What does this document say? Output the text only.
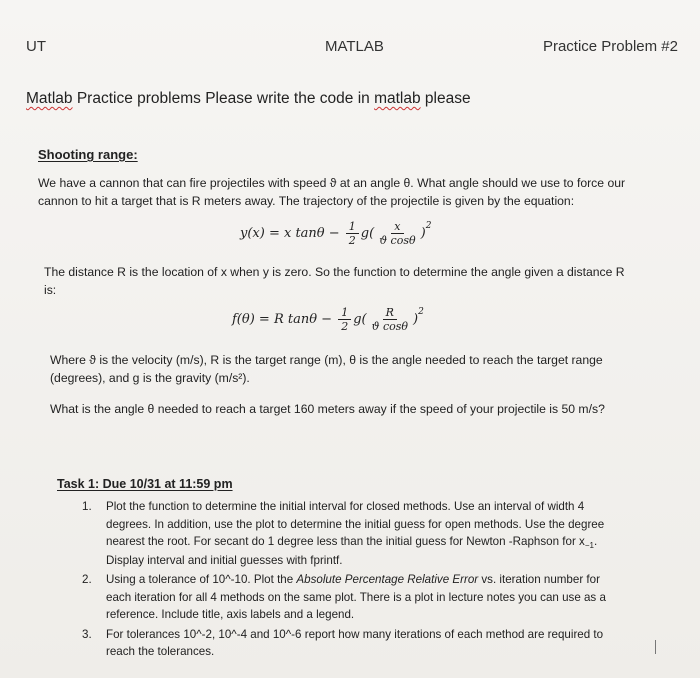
UT	MATLAB	Practice Problem #2
Matlab Practice problems Please write the code in matlab please
Shooting range:
We have a cannon that can fire projectiles with speed ϑ at an angle θ. What angle should we use to force our cannon to hit a target that is R meters away. The trajectory of the projectile is given by the equation:
y(x) = x $\tan\theta - \frac{1}{2} g( \frac{x}{\text{ϑ cosθ}}$ )
2
The distance R is the location of x when y is zero. So the function to determine the angle given a distance R is:
f(θ) = R $\tan\theta - \frac{1}{2} g( \frac{R}{\text{ϑ cosθ}}$ )
2
Where ϑ is the velocity (m/s), R is the target range (m), θ is the angle needed to reach the target range (degrees), and g is the gravity (m/s²).
What is the angle θ needed to reach a target 160 meters away if the speed of your projectile is 50 m/s?
Task 1: Due 10/31 at 11:59 pm
1.	Plot the function to determine the initial interval for closed methods. Use an interval of width 4 degrees. In addition, use the plot to determine the initial guess for open methods. Use the degree nearest the root. For secant do 1 degree less than the initial guess for Newton -Raphson for $x_{-1}$. Display interval and initial guesses with fprintf.
2.	Using a tolerance of 10^-10. Plot the Absolute Percentage Relative Error vs. iteration number for each iteration for all 4 methods on the same plot. There is a plot in lecture notes you can use as a reference. Include title, axis labels and a legend.
3.	For tolerances 10^-2, 10^-4 and 10^-6 report how many iterations of each method are required to reach the tolerances.
